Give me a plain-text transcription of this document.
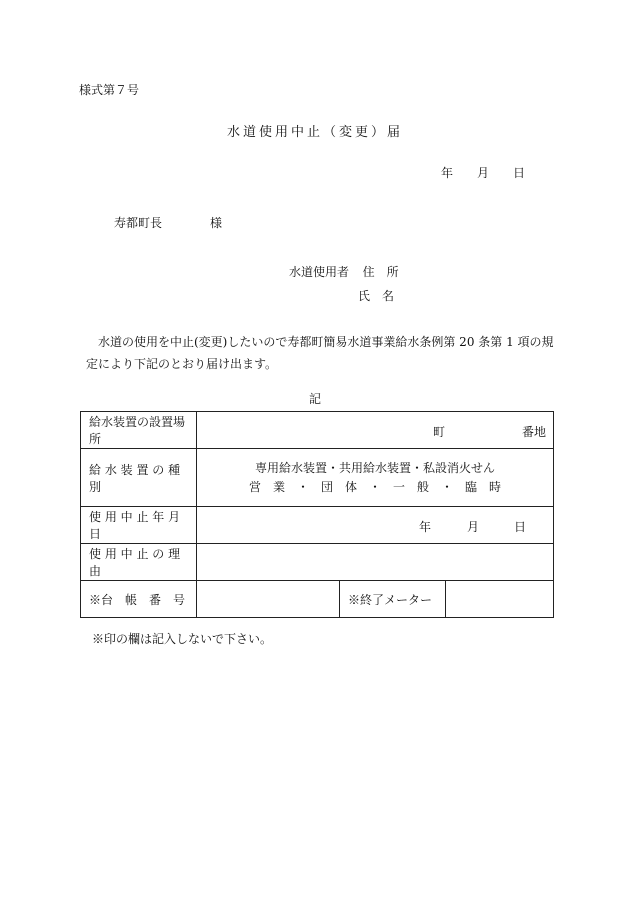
様式第７号
水道使用中止（変更）届
年 月 日
寿都町長	様
水道使用者 住　所
氏　名
水道の使用を中止(変更)したいので寿都町簡易水道事業給水条例第 20 条第 1 項の規
定により下記のとおり届け出ます。
記
給水装置の設置場所	町 番地		

給 水 装 置 の 種 別	専用給水装置・共用給水装置・私設消火せん
営　業　・　団　体　・　一　般　・　臨　時		

使 用 中 止 年 月 日	年 月 日		

使 用 中 止 の 理 由			
※台　帳　番　号		※終了メーター	
※印の欄は記入しないで下さい。
